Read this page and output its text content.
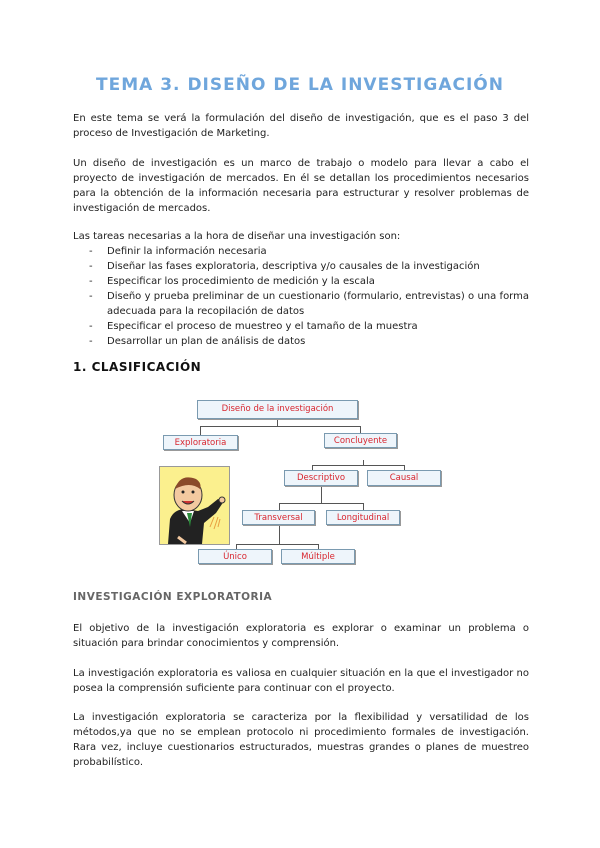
TEMA 3. DISEÑO DE LA INVESTIGACIÓN
En este tema se verá la formulación del diseño de investigación, que es el paso 3 del proceso de Investigación de Marketing.
Un diseño de investigación es un marco de trabajo o modelo para llevar a cabo el proyecto de investigación de mercados. En él se detallan los procedimientos necesarios para la obtención de la información necesaria para estructurar y resolver problemas de investigación de mercados.
Las tareas necesarias a la hora de diseñar una investigación son:
- Definir la información necesaria
- Diseñar las fases exploratoria, descriptiva y/o causales de la investigación
- Especificar los procedimiento de medición y la escala
- Diseño y prueba preliminar de un cuestionario (formulario, entrevistas) o una forma adecuada para la recopilación de datos
- Especificar el proceso de muestreo y el tamaño de la muestra
- Desarrollar un plan de análisis de datos
1. CLASIFICACIÓN
Diseño de la investigación
Exploratoria	Concluyente
Descriptivo	Causal
Transversal	Longitudinal
Único	Múltiple
INVESTIGACIÓN EXPLORATORIA
El objetivo de la investigación exploratoria es explorar o examinar un problema o situación para brindar conocimientos y comprensión.
La investigación exploratoria es valiosa en cualquier situación en la que el investigador no posea la comprensión suficiente para continuar con el proyecto.
La investigación exploratoria se caracteriza por la flexibilidad y versatilidad de los métodos,ya que no se emplean protocolo ni procedimiento formales de investigación. Rara vez, incluye cuestionarios estructurados, muestras grandes o planes de muestreo probabilístico.
